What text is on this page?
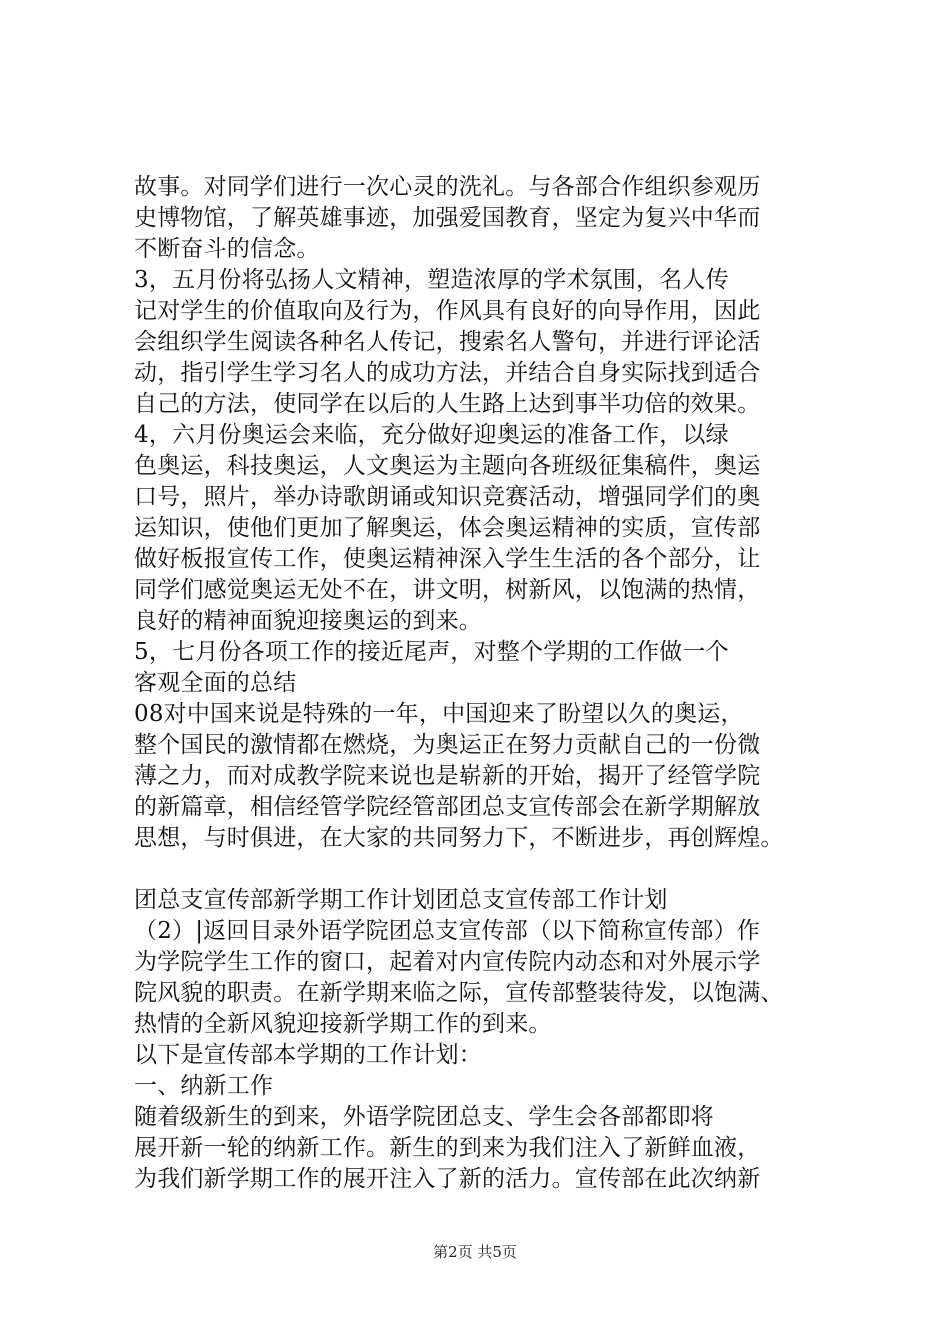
故事。对同学们进行一次心灵的洗礼。与各部合作组织参观历
史博物馆，了解英雄事迹，加强爱国教育，坚定为复兴中华而
不断奋斗的信念。
3，五月份将弘扬人文精神，塑造浓厚的学术氛围，名人传
记对学生的价值取向及行为，作风具有良好的向导作用，因此
会组织学生阅读各种名人传记，搜索名人警句，并进行评论活
动，指引学生学习名人的成功方法，并结合自身实际找到适合
自己的方法，使同学在以后的人生路上达到事半功倍的效果。
4，六月份奥运会来临，充分做好迎奥运的准备工作，以绿
色奥运，科技奥运，人文奥运为主题向各班级征集稿件，奥运
口号，照片，举办诗歌朗诵或知识竞赛活动，增强同学们的奥
运知识，使他们更加了解奥运，体会奥运精神的实质，宣传部
做好板报宣传工作，使奥运精神深入学生生活的各个部分，让
同学们感觉奥运无处不在，讲文明，树新风，以饱满的热情，
良好的精神面貌迎接奥运的到来。
5，七月份各项工作的接近尾声，对整个学期的工作做一个
客观全面的总结
08对中国来说是特殊的一年，中国迎来了盼望以久的奥运，
整个国民的激情都在燃烧，为奥运正在努力贡献自己的一份微
薄之力，而对成教学院来说也是崭新的开始，揭开了经管学院
的新篇章，相信经管学院经管部团总支宣传部会在新学期解放
思想，与时俱进，在大家的共同努力下，不断进步，再创辉煌。
团总支宣传部新学期工作计划团总支宣传部工作计划
（2）|返回目录外语学院团总支宣传部（以下简称宣传部）作
为学院学生工作的窗口，起着对内宣传院内动态和对外展示学
院风貌的职责。在新学期来临之际，宣传部整装待发，以饱满、
热情的全新风貌迎接新学期工作的到来。
以下是宣传部本学期的工作计划：
一、纳新工作
随着级新生的到来，外语学院团总支、学生会各部都即将
展开新一轮的纳新工作。新生的到来为我们注入了新鲜血液，
为我们新学期工作的展开注入了新的活力。宣传部在此次纳新
第2页 共5页
